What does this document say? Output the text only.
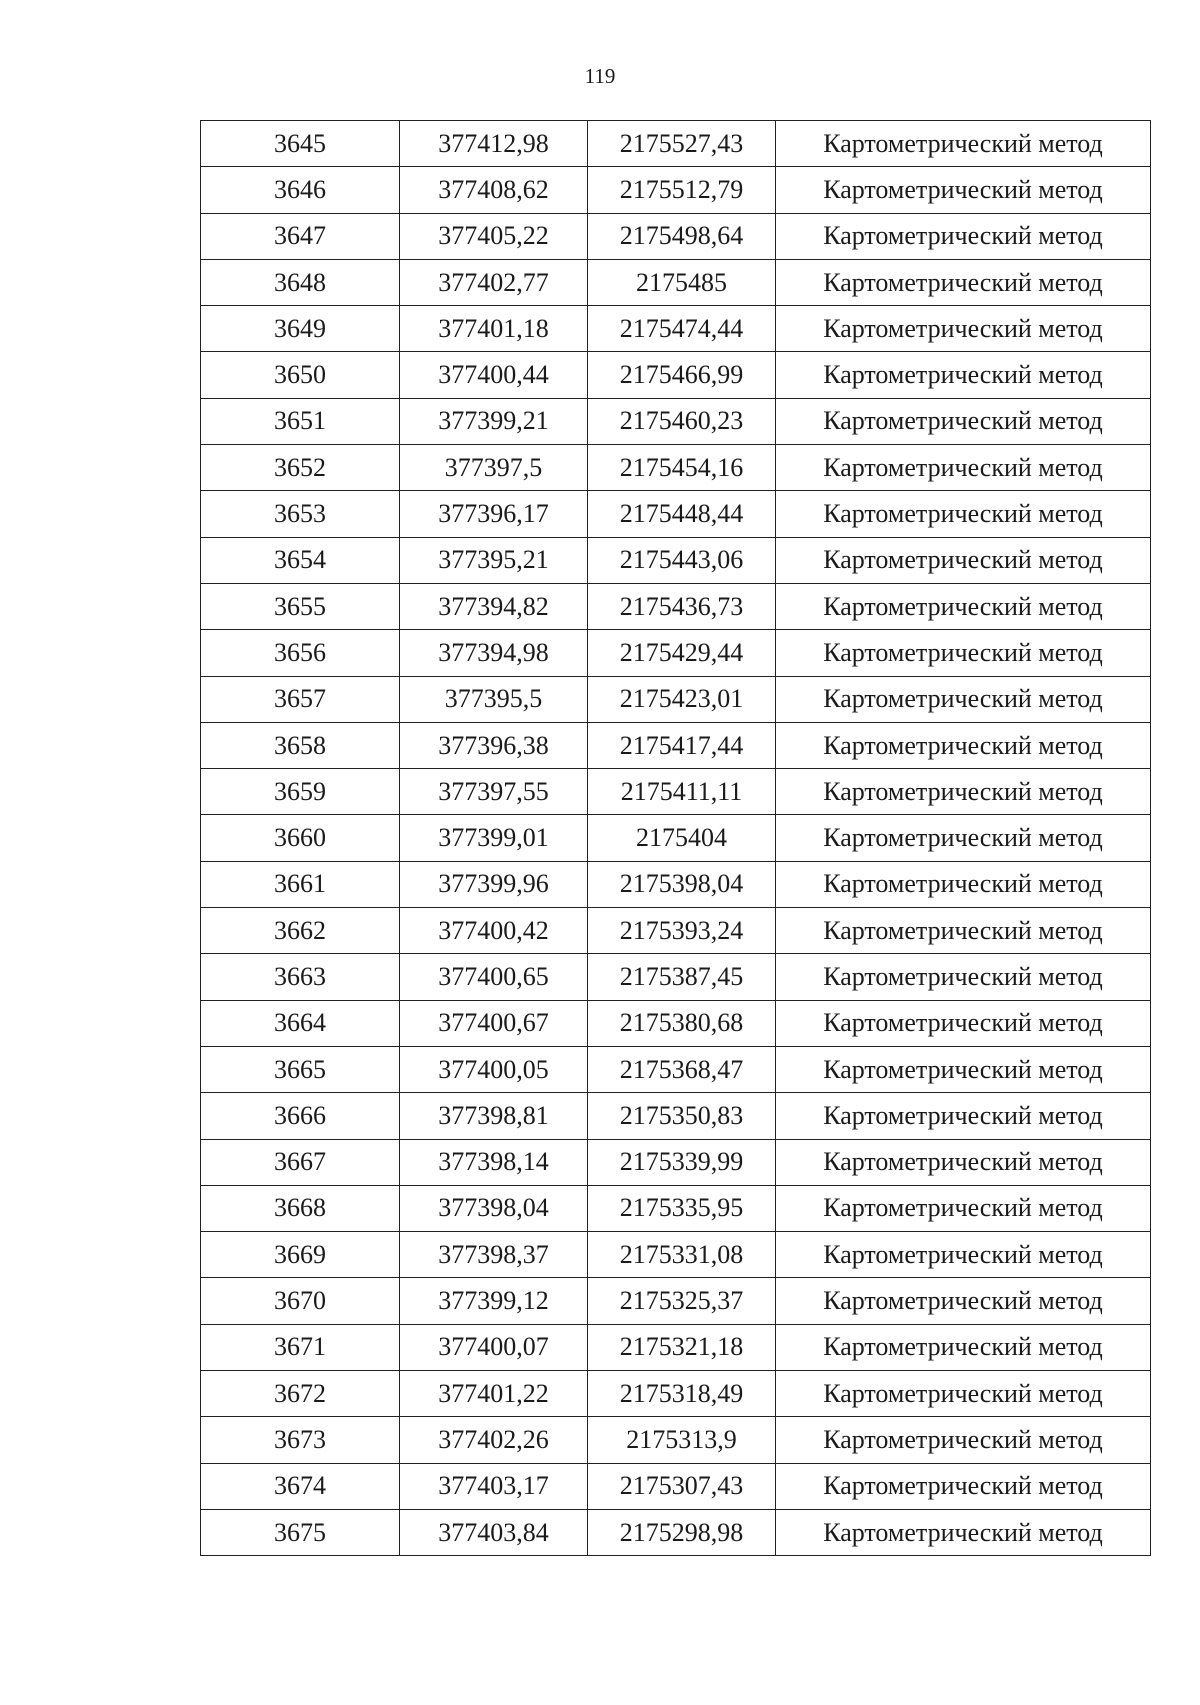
119
3645	377412,98	2175527,43	Картометрический метод
3646	377408,62	2175512,79	Картометрический метод
3647	377405,22	2175498,64	Картометрический метод
3648	377402,77	2175485	Картометрический метод
3649	377401,18	2175474,44	Картометрический метод
3650	377400,44	2175466,99	Картометрический метод
3651	377399,21	2175460,23	Картометрический метод
3652	377397,5	2175454,16	Картометрический метод
3653	377396,17	2175448,44	Картометрический метод
3654	377395,21	2175443,06	Картометрический метод
3655	377394,82	2175436,73	Картометрический метод
3656	377394,98	2175429,44	Картометрический метод
3657	377395,5	2175423,01	Картометрический метод
3658	377396,38	2175417,44	Картометрический метод
3659	377397,55	2175411,11	Картометрический метод
3660	377399,01	2175404	Картометрический метод
3661	377399,96	2175398,04	Картометрический метод
3662	377400,42	2175393,24	Картометрический метод
3663	377400,65	2175387,45	Картометрический метод
3664	377400,67	2175380,68	Картометрический метод
3665	377400,05	2175368,47	Картометрический метод
3666	377398,81	2175350,83	Картометрический метод
3667	377398,14	2175339,99	Картометрический метод
3668	377398,04	2175335,95	Картометрический метод
3669	377398,37	2175331,08	Картометрический метод
3670	377399,12	2175325,37	Картометрический метод
3671	377400,07	2175321,18	Картометрический метод
3672	377401,22	2175318,49	Картометрический метод
3673	377402,26	2175313,9	Картометрический метод
3674	377403,17	2175307,43	Картометрический метод
3675	377403,84	2175298,98	Картометрический метод
